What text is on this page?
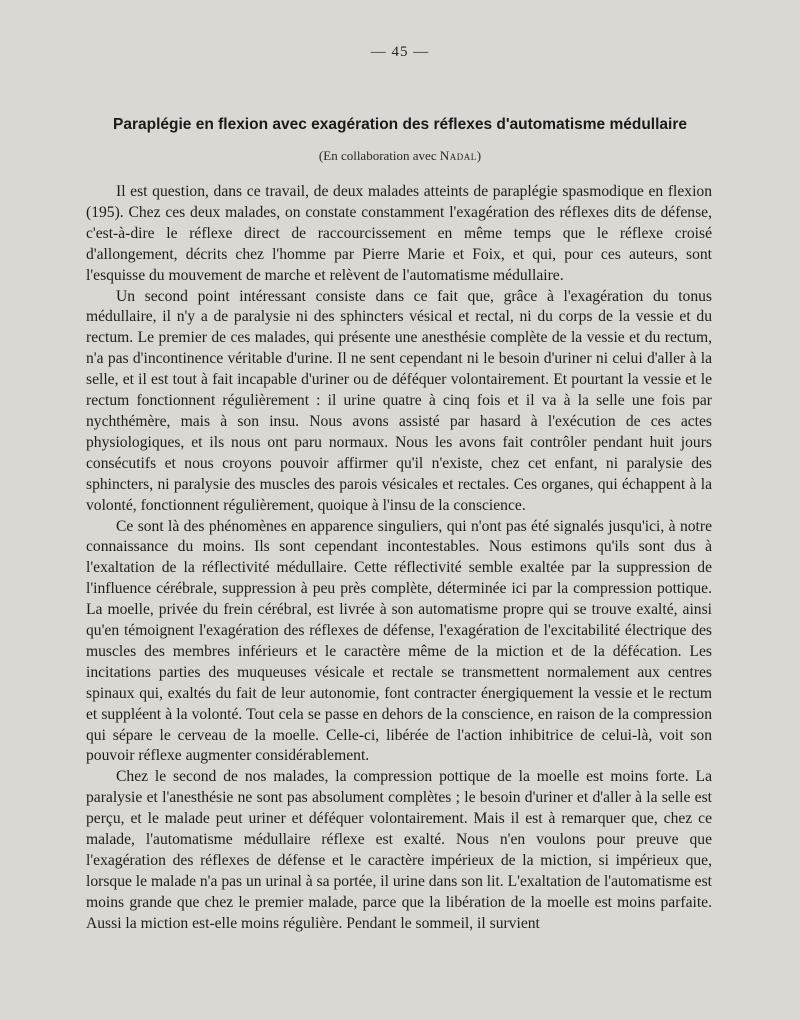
— 45 —
Paraplégie en flexion avec exagération des réflexes d'automatisme médullaire
(En collaboration avec Nadal)

Il est question, dans ce travail, de deux malades atteints de paraplégie spasmodique en flexion (195). Chez ces deux malades, on constate constamment l'exagération des réflexes dits de défense, c'est-à-dire le réflexe direct de raccourcissement en même temps que le réflexe croisé d'allongement, décrits chez l'homme par Pierre Marie et Foix, et qui, pour ces auteurs, sont l'esquisse du mouvement de marche et relèvent de l'automatisme médullaire.

Un second point intéressant consiste dans ce fait que, grâce à l'exagération du tonus médullaire, il n'y a de paralysie ni des sphincters vésical et rectal, ni du corps de la vessie et du rectum. Le premier de ces malades, qui présente une anesthésie complète de la vessie et du rectum, n'a pas d'incontinence véritable d'urine. Il ne sent cependant ni le besoin d'uriner ni celui d'aller à la selle, et il est tout à fait incapable d'uriner ou de déféquer volontairement. Et pourtant la vessie et le rectum fonctionnent régulièrement : il urine quatre à cinq fois et il va à la selle une fois par nychthémère, mais à son insu. Nous avons assisté par hasard à l'exécution de ces actes physiologiques, et ils nous ont paru normaux. Nous les avons fait contrôler pendant huit jours consécutifs et nous croyons pouvoir affirmer qu'il n'existe, chez cet enfant, ni paralysie des sphincters, ni paralysie des muscles des parois vésicales et rectales. Ces organes, qui échappent à la volonté, fonctionnent régulièrement, quoique à l'insu de la conscience.

Ce sont là des phénomènes en apparence singuliers, qui n'ont pas été signalés jusqu'ici, à notre connaissance du moins. Ils sont cependant incontestables. Nous estimons qu'ils sont dus à l'exaltation de la réflectivité médullaire. Cette réflectivité semble exaltée par la suppression de l'influence cérébrale, suppression à peu près complète, déterminée ici par la compression pottique. La moelle, privée du frein cérébral, est livrée à son automatisme propre qui se trouve exalté, ainsi qu'en témoignent l'exagération des réflexes de défense, l'exagération de l'excitabilité électrique des muscles des membres inférieurs et le caractère même de la miction et de la défécation. Les incitations parties des muqueuses vésicale et rectale se transmettent normalement aux centres spinaux qui, exaltés du fait de leur autonomie, font contracter énergiquement la vessie et le rectum et suppléent à la volonté. Tout cela se passe en dehors de la conscience, en raison de la compression qui sépare le cerveau de la moelle. Celle-ci, libérée de l'action inhibitrice de celui-là, voit son pouvoir réflexe augmenter considérablement.

Chez le second de nos malades, la compression pottique de la moelle est moins forte. La paralysie et l'anesthésie ne sont pas absolument complètes ; le besoin d'uriner et d'aller à la selle est perçu, et le malade peut uriner et déféquer volontairement. Mais il est à remarquer que, chez ce malade, l'automatisme médullaire réflexe est exalté. Nous n'en voulons pour preuve que l'exagération des réflexes de défense et le caractère impérieux de la miction, si impérieux que, lorsque le malade n'a pas un urinal à sa portée, il urine dans son lit. L'exaltation de l'automatisme est moins grande que chez le premier malade, parce que la libération de la moelle est moins parfaite. Aussi la miction est-elle moins régulière. Pendant le sommeil, il survient
